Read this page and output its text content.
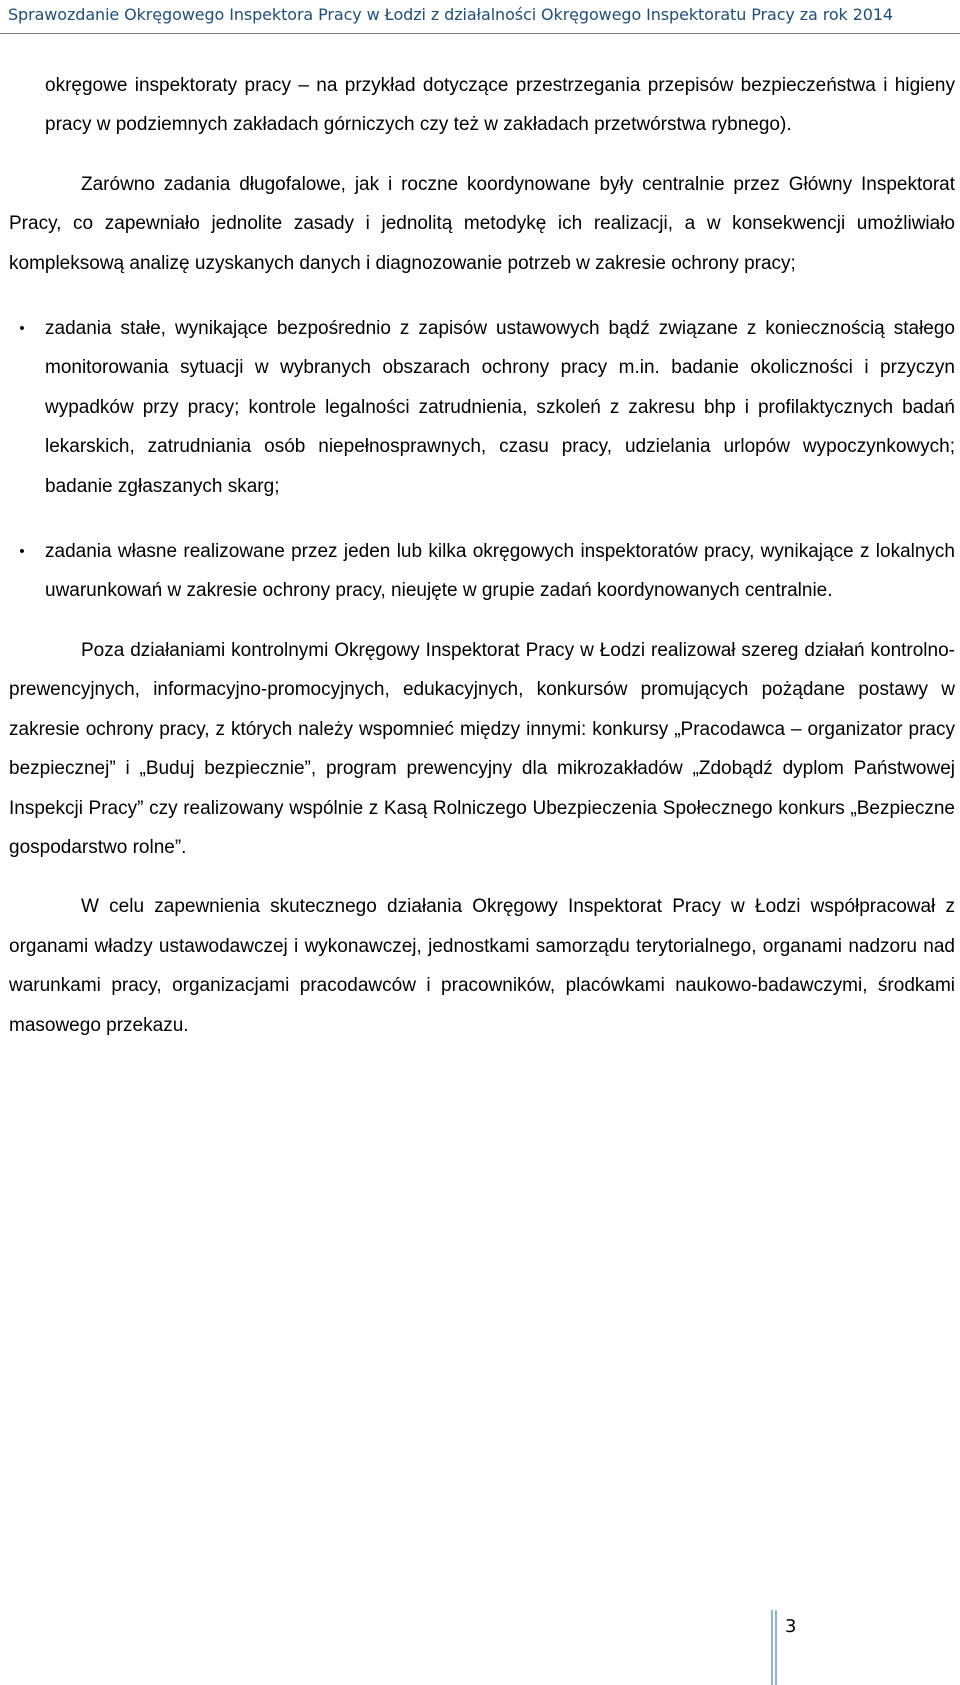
Sprawozdanie Okręgowego Inspektora Pracy w Łodzi z działalności Okręgowego Inspektoratu Pracy za rok 2014

okręgowe inspektoraty pracy – na przykład dotyczące przestrzegania przepisów bezpieczeństwa i higieny pracy w podziemnych zakładach górniczych czy też w zakładach przetwórstwa rybnego).

Zarówno zadania długofalowe, jak i roczne koordynowane były centralnie przez Główny Inspektorat Pracy, co zapewniało jednolite zasady i jednolitą metodykę ich realizacji, a w konsekwencji umożliwiało kompleksową analizę uzyskanych danych i diagnozowanie potrzeb w zakresie ochrony pracy;

•	zadania stałe, wynikające bezpośrednio z zapisów ustawowych bądź związane z koniecznością stałego monitorowania sytuacji w wybranych obszarach ochrony pracy m.in. badanie okoliczności i przyczyn wypadków przy pracy; kontrole legalności zatrudnienia, szkoleń z zakresu bhp i profilaktycznych badań lekarskich, zatrudniania osób niepełnosprawnych, czasu pracy, udzielania urlopów wypoczynkowych; badanie zgłaszanych skarg;
•	zadania własne realizowane przez jeden lub kilka okręgowych inspektoratów pracy, wynikające z lokalnych uwarunkowań w zakresie ochrony pracy, nieujęte w grupie zadań koordynowanych centralnie.

Poza działaniami kontrolnymi Okręgowy Inspektorat Pracy w Łodzi realizował szereg działań kontrolno-prewencyjnych, informacyjno-promocyjnych, edukacyjnych, konkursów promujących pożądane postawy w zakresie ochrony pracy, z których należy wspomnieć między innymi: konkursy „Pracodawca – organizator pracy bezpiecznej” i „Buduj bezpiecznie”, program prewencyjny dla mikrozakładów „Zdobądź dyplom Państwowej Inspekcji Pracy” czy realizowany wspólnie z Kasą Rolniczego Ubezpieczenia Społecznego konkurs „Bezpieczne gospodarstwo rolne”.

W celu zapewnienia skutecznego działania Okręgowy Inspektorat Pracy w Łodzi współpracował z organami władzy ustawodawczej i wykonawczej, jednostkami samorządu terytorialnego, organami nadzoru nad warunkami pracy, organizacjami pracodawców i pracowników, placówkami naukowo-badawczymi, środkami masowego przekazu.

3
